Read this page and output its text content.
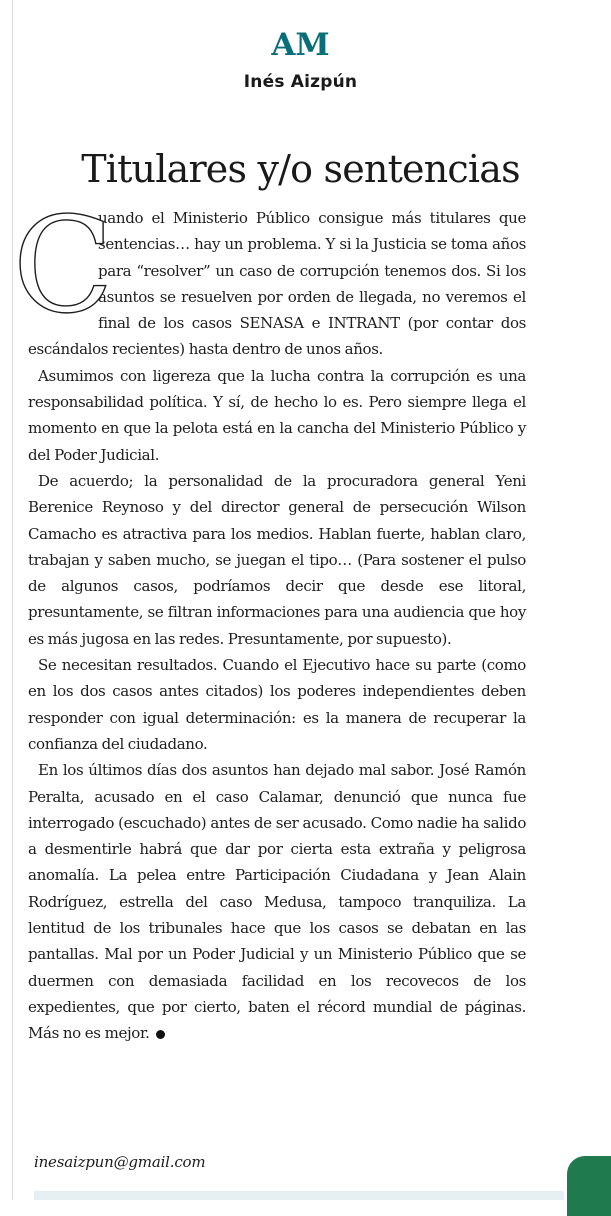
AM
Inés Aizpún
Titulares y/o sentencias

C
uando el Ministerio Público consigue más titulares que sentencias… hay un problema. Y si la Justicia se toma años para “resolver” un caso de corrupción tenemos dos. Si los asuntos se resuelven por orden de llegada, no veremos el final de los casos SENASA e INTRANT (por contar dos escándalos recientes) hasta dentro de unos años.

Asumimos con ligereza que la lucha contra la corrupción es una responsabilidad política. Y sí, de hecho lo es. Pero siempre llega el momento en que la pelota está en la cancha del Ministerio Público y del Poder Judicial.

De acuerdo; la personalidad de la procuradora general Yeni Berenice Reynoso y del director general de persecución Wilson Camacho es atractiva para los medios. Hablan fuerte, hablan claro, trabajan y saben mucho, se juegan el tipo… (Para sostener el pulso de algunos casos, podríamos decir que desde ese litoral, presuntamente, se filtran informaciones para una audiencia que hoy es más jugosa en las redes. Presuntamente, por supuesto).

Se necesitan resultados. Cuando el Ejecutivo hace su parte (como en los dos casos antes citados) los poderes independientes deben responder con igual determinación: es la manera de recuperar la confianza del ciudadano.

En los últimos días dos asuntos han dejado mal sabor. José Ramón Peralta, acusado en el caso Calamar, denunció que nunca fue interrogado (escuchado) antes de ser acusado. Como nadie ha salido a desmentirle habrá que dar por cierta esta extraña y peligrosa anomalía. La pelea entre Participación Ciudadana y Jean Alain Rodríguez, estrella del caso Medusa, tampoco tranquiliza. La lentitud de los tribunales hace que los casos se debatan en las pantallas. Mal por un Poder Judicial y un Ministerio Público que se duermen con demasiada facilidad en los recovecos de los expedientes, que por cierto, baten el récord mundial de páginas. Más no es mejor.

inesaizpun@gmail.com
